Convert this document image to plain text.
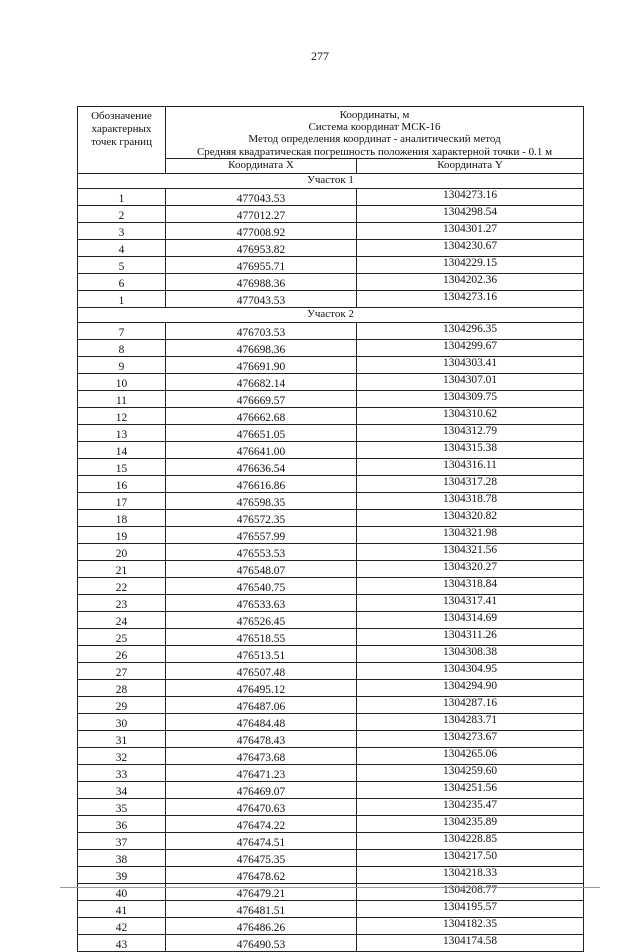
277
Обозначение характерных точек границ	Координаты, м
Система координат МСК-16
Метод определения координат - аналитический метод
Средняя квадратическая погрешность положения характерной точки - 0.1 м	

	Координата X	Координата Y
Участок 1		
1	477043.53	1304273.16
2	477012.27	1304298.54
3	477008.92	1304301.27
4	476953.82	1304230.67
5	476955.71	1304229.15
6	476988.36	1304202.36
1	477043.53	1304273.16
Участок 2		
7	476703.53	1304296.35
8	476698.36	1304299.67
9	476691.90	1304303.41
10	476682.14	1304307.01
11	476669.57	1304309.75
12	476662.68	1304310.62
13	476651.05	1304312.79
14	476641.00	1304315.38
15	476636.54	1304316.11
16	476616.86	1304317.28
17	476598.35	1304318.78
18	476572.35	1304320.82
19	476557.99	1304321.98
20	476553.53	1304321.56
21	476548.07	1304320.27
22	476540.75	1304318.84
23	476533.63	1304317.41
24	476526.45	1304314.69
25	476518.55	1304311.26
26	476513.51	1304308.38
27	476507.48	1304304.95
28	476495.12	1304294.90
29	476487.06	1304287.16
30	476484.48	1304283.71
31	476478.43	1304273.67
32	476473.68	1304265.06
33	476471.23	1304259.60
34	476469.07	1304251.56
35	476470.63	1304235.47
36	476474.22	1304235.89
37	476474.51	1304228.85
38	476475.35	1304217.50
39	476478.62	1304218.33
40	476479.21	1304208.77
41	476481.51	1304195.57
42	476486.26	1304182.35
43	476490.53	1304174.58
